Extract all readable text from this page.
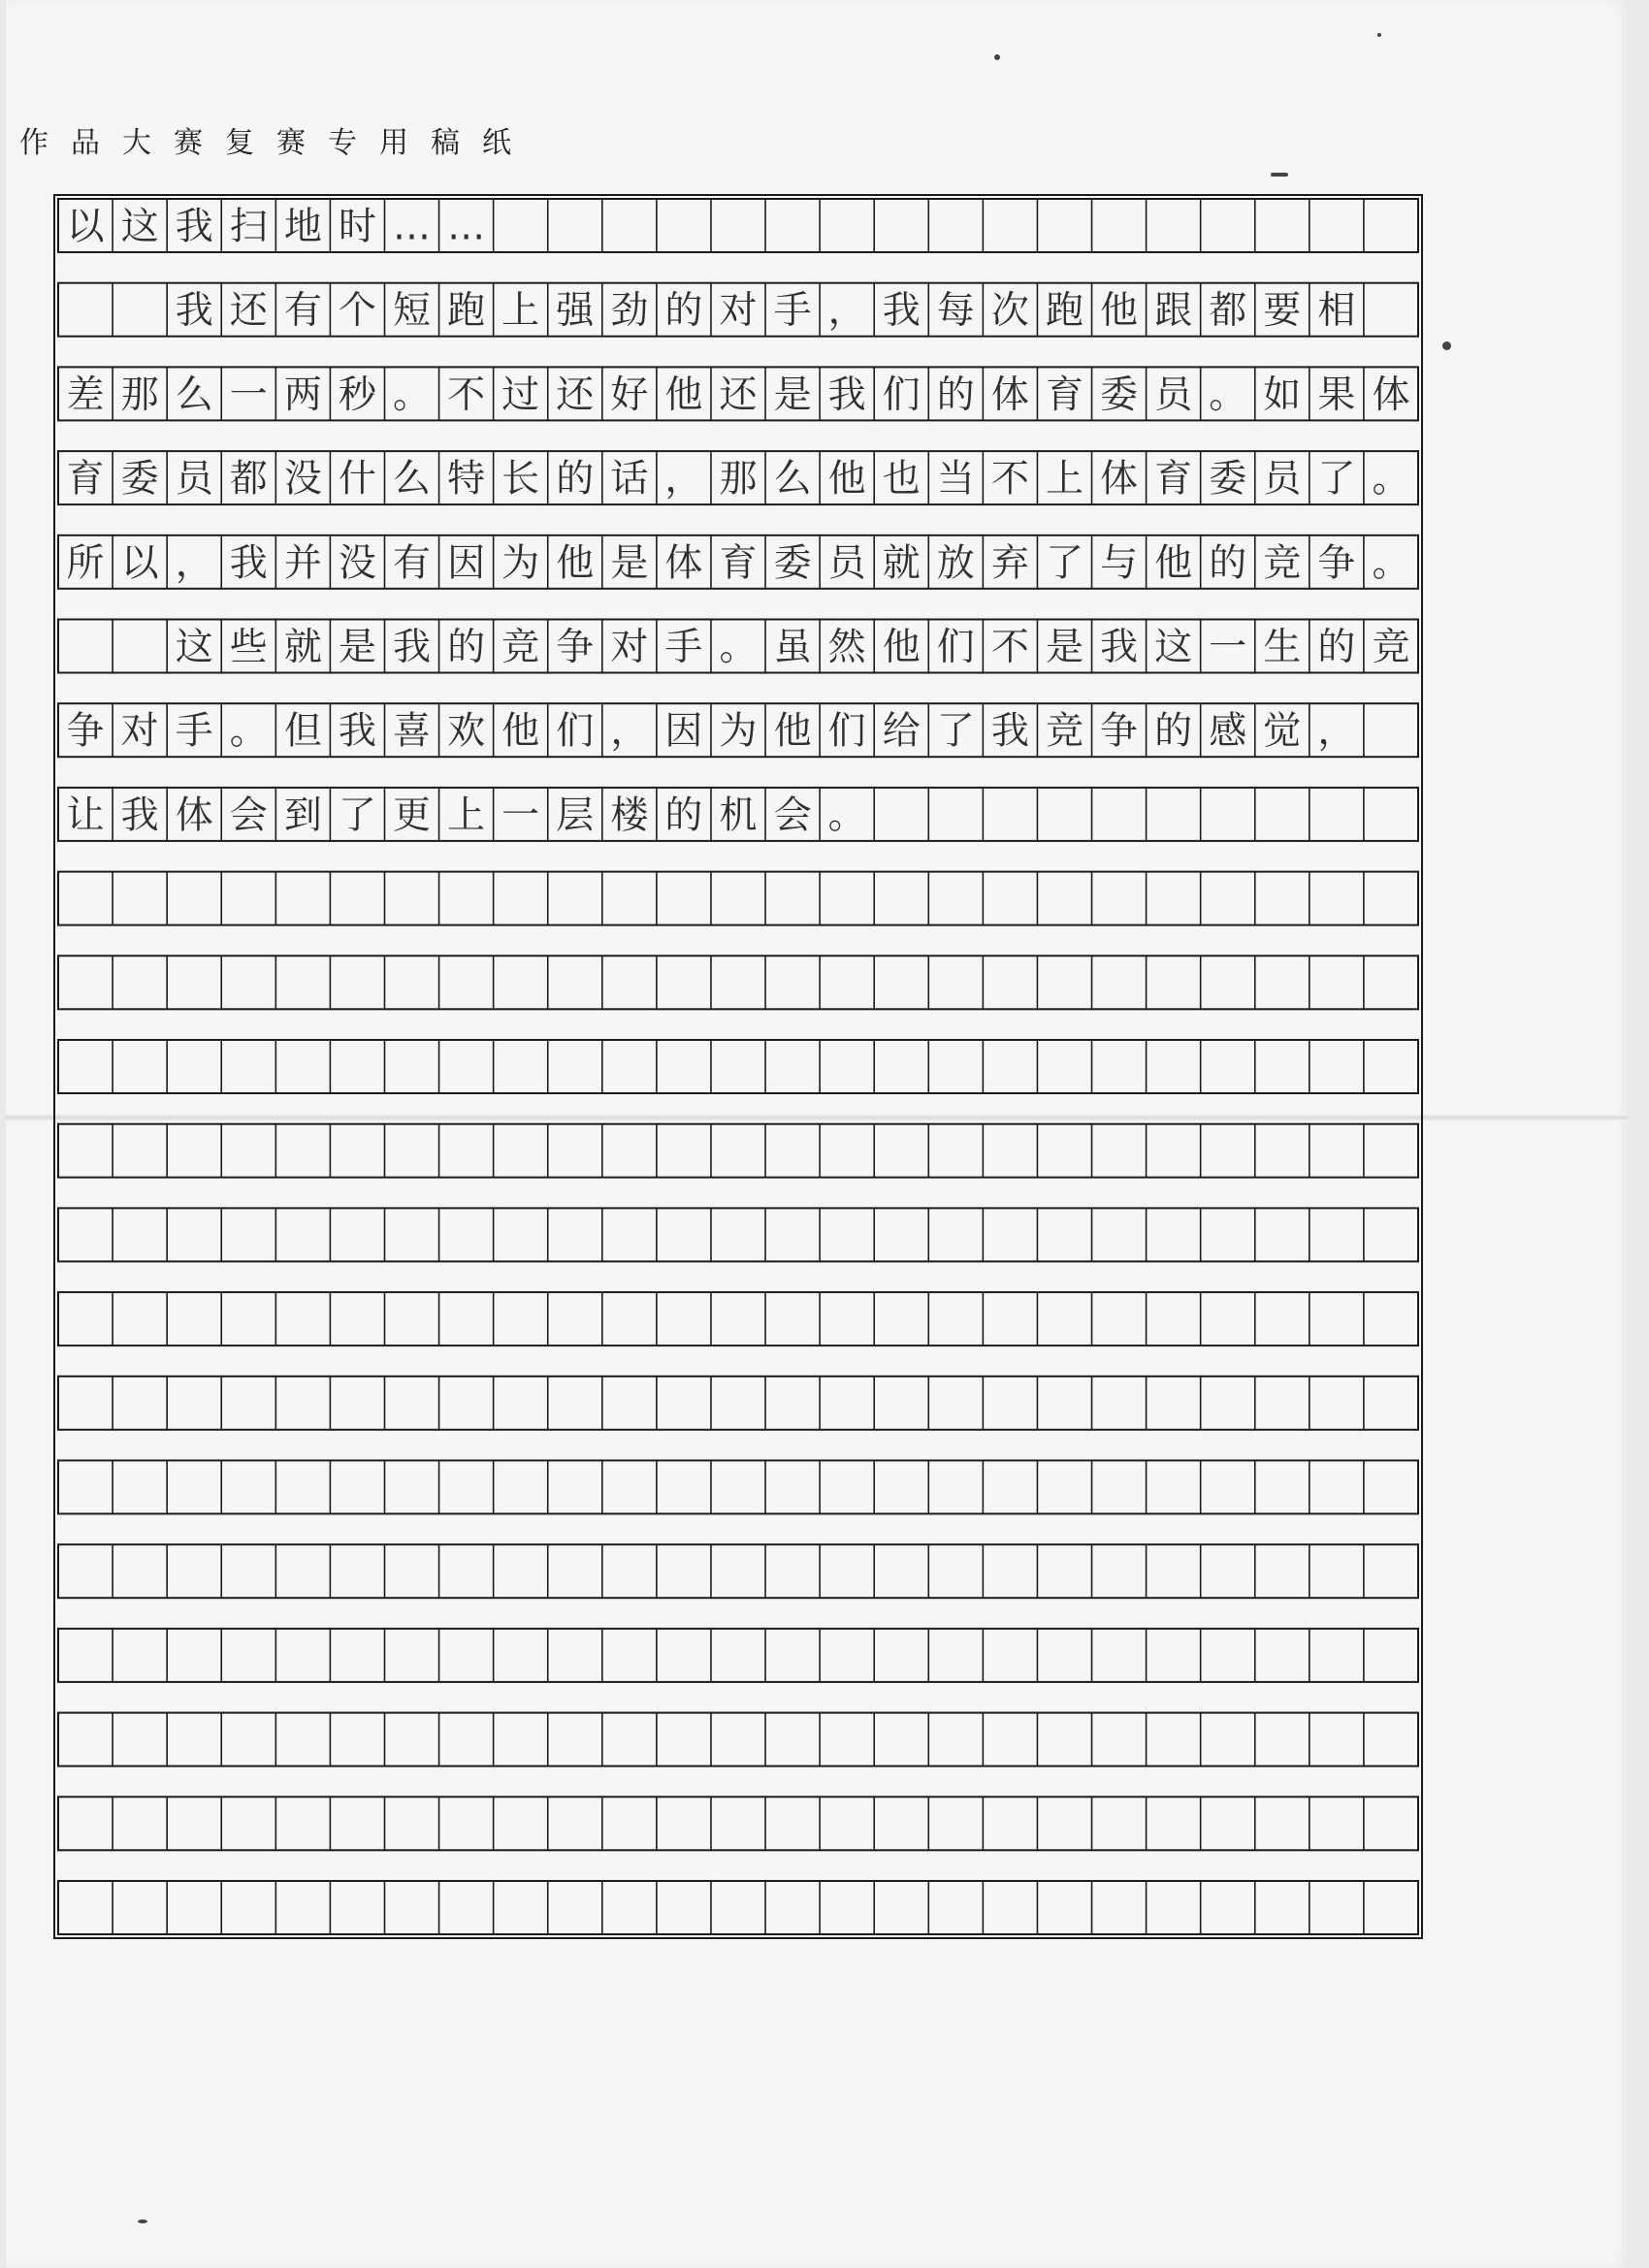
作品大赛复赛专用稿纸
以 这 我 扫 地 时 … …
我 还 有 个 短 跑 上 强 劲 的 对 手 ， 我 每 次 跑 他 跟 都 要 相
差 那 么 一 两 秒 。 不 过 还 好 他 还 是 我 们 的 体 育 委 员 。 如 果 体
育 委 员 都 没 什 么 特 长 的 话 ， 那 么 他 也 当 不 上 体 育 委 员 了 。
所 以 ， 我 并 没 有 因 为 他 是 体 育 委 员 就 放 弃 了 与 他 的 竞 争 。
这 些 就 是 我 的 竞 争 对 手 。 虽 然 他 们 不 是 我 这 一 生 的 竞
争 对 手 。 但 我 喜 欢 他 们 ， 因 为 他 们 给 了 我 竞 争 的 感 觉 ，
让 我 体 会 到 了 更 上 一 层 楼 的 机 会 。
